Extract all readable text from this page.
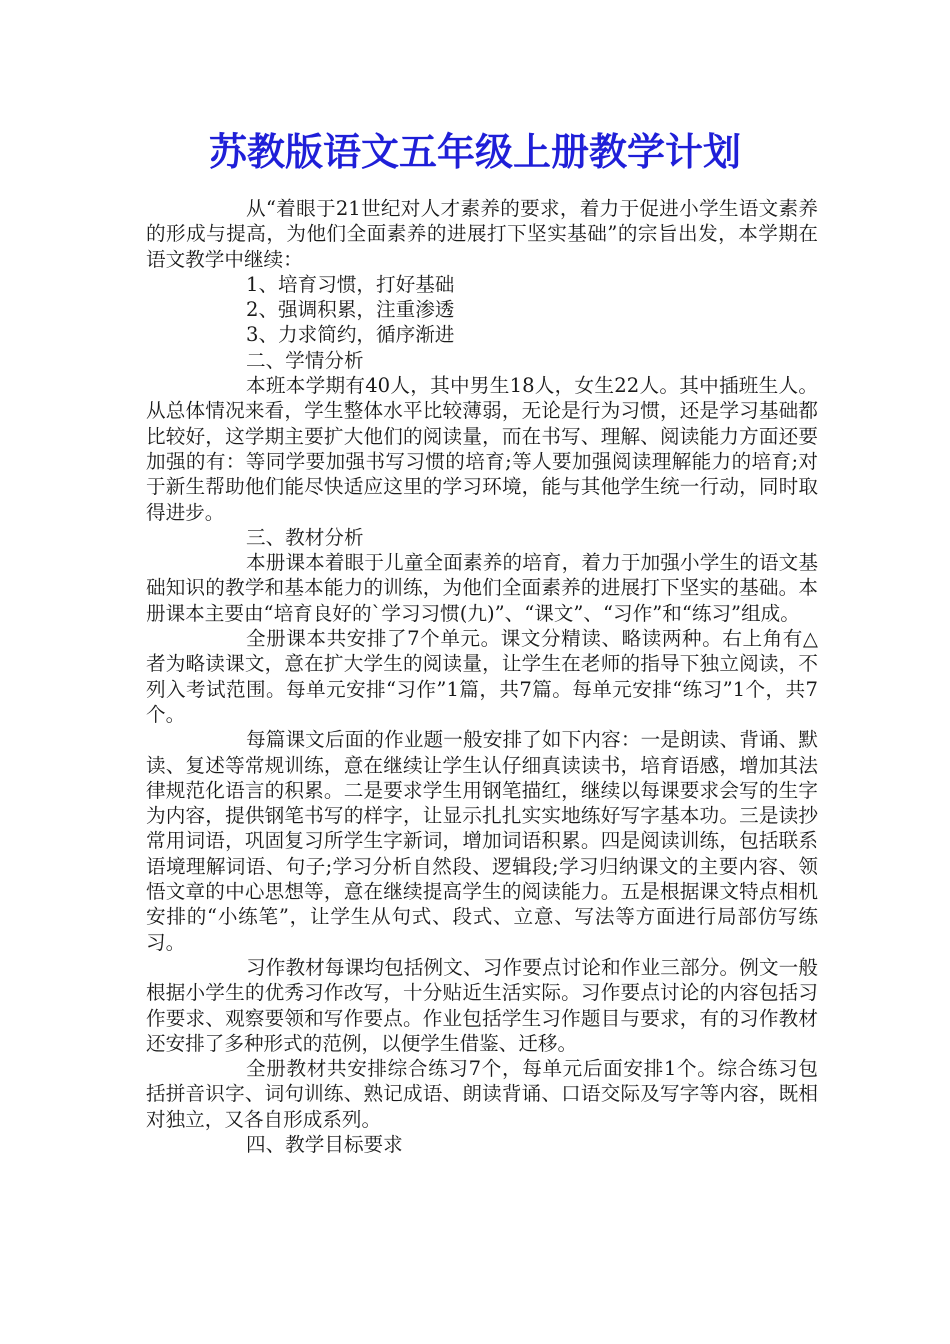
苏教版语文五年级上册教学计划

从“着眼于21世纪对人才素养的要求，着力于促进小学生语文素养的形成与提高，为他们全面素养的进展打下坚实基础”的宗旨出发，本学期在语文教学中继续：

1、培育习惯，打好基础

2、强调积累，注重渗透

3、力求简约，循序渐进

二、学情分析

本班本学期有40人，其中男生18人，女生22人。其中插班生人。从总体情况来看，学生整体水平比较薄弱，无论是行为习惯，还是学习基础都比较好，这学期主要扩大他们的阅读量，而在书写、理解、阅读能力方面还要加强的有：等同学要加强书写习惯的培育;等人要加强阅读理解能力的培育;对于新生帮助他们能尽快适应这里的学习环境，能与其他学生统一行动，同时取得进步。

三、教材分析

本册课本着眼于儿童全面素养的培育，着力于加强小学生的语文基础知识的教学和基本能力的训练，为他们全面素养的进展打下坚实的基础。本册课本主要由“培育良好的`学习习惯(九)”、“课文”、“习作”和“练习”组成。

全册课本共安排了7个单元。课文分精读、略读两种。右上角有△者为略读课文，意在扩大学生的阅读量，让学生在老师的指导下独立阅读，不列入考试范围。每单元安排“习作”1篇，共7篇。每单元安排“练习”1个，共7个。

每篇课文后面的作业题一般安排了如下内容：一是朗读、背诵、默读、复述等常规训练，意在继续让学生认仔细真读读书，培育语感，增加其法律规范化语言的积累。二是要求学生用钢笔描红，继续以每课要求会写的生字为内容，提供钢笔书写的样字，让显示扎扎实实地练好写字基本功。三是读抄常用词语，巩固复习所学生字新词，增加词语积累。四是阅读训练，包括联系语境理解词语、句子;学习分析自然段、逻辑段;学习归纳课文的主要内容、领悟文章的中心思想等，意在继续提高学生的阅读能力。五是根据课文特点相机安排的“小练笔”，让学生从句式、段式、立意、写法等方面进行局部仿写练习。

习作教材每课均包括例文、习作要点讨论和作业三部分。例文一般根据小学生的优秀习作改写，十分贴近生活实际。习作要点讨论的内容包括习作要求、观察要领和写作要点。作业包括学生习作题目与要求，有的习作教材还安排了多种形式的范例，以便学生借鉴、迁移。

全册教材共安排综合练习7个，每单元后面安排1个。综合练习包括拼音识字、词句训练、熟记成语、朗读背诵、口语交际及写字等内容，既相对独立，又各自形成系列。

四、教学目标要求
